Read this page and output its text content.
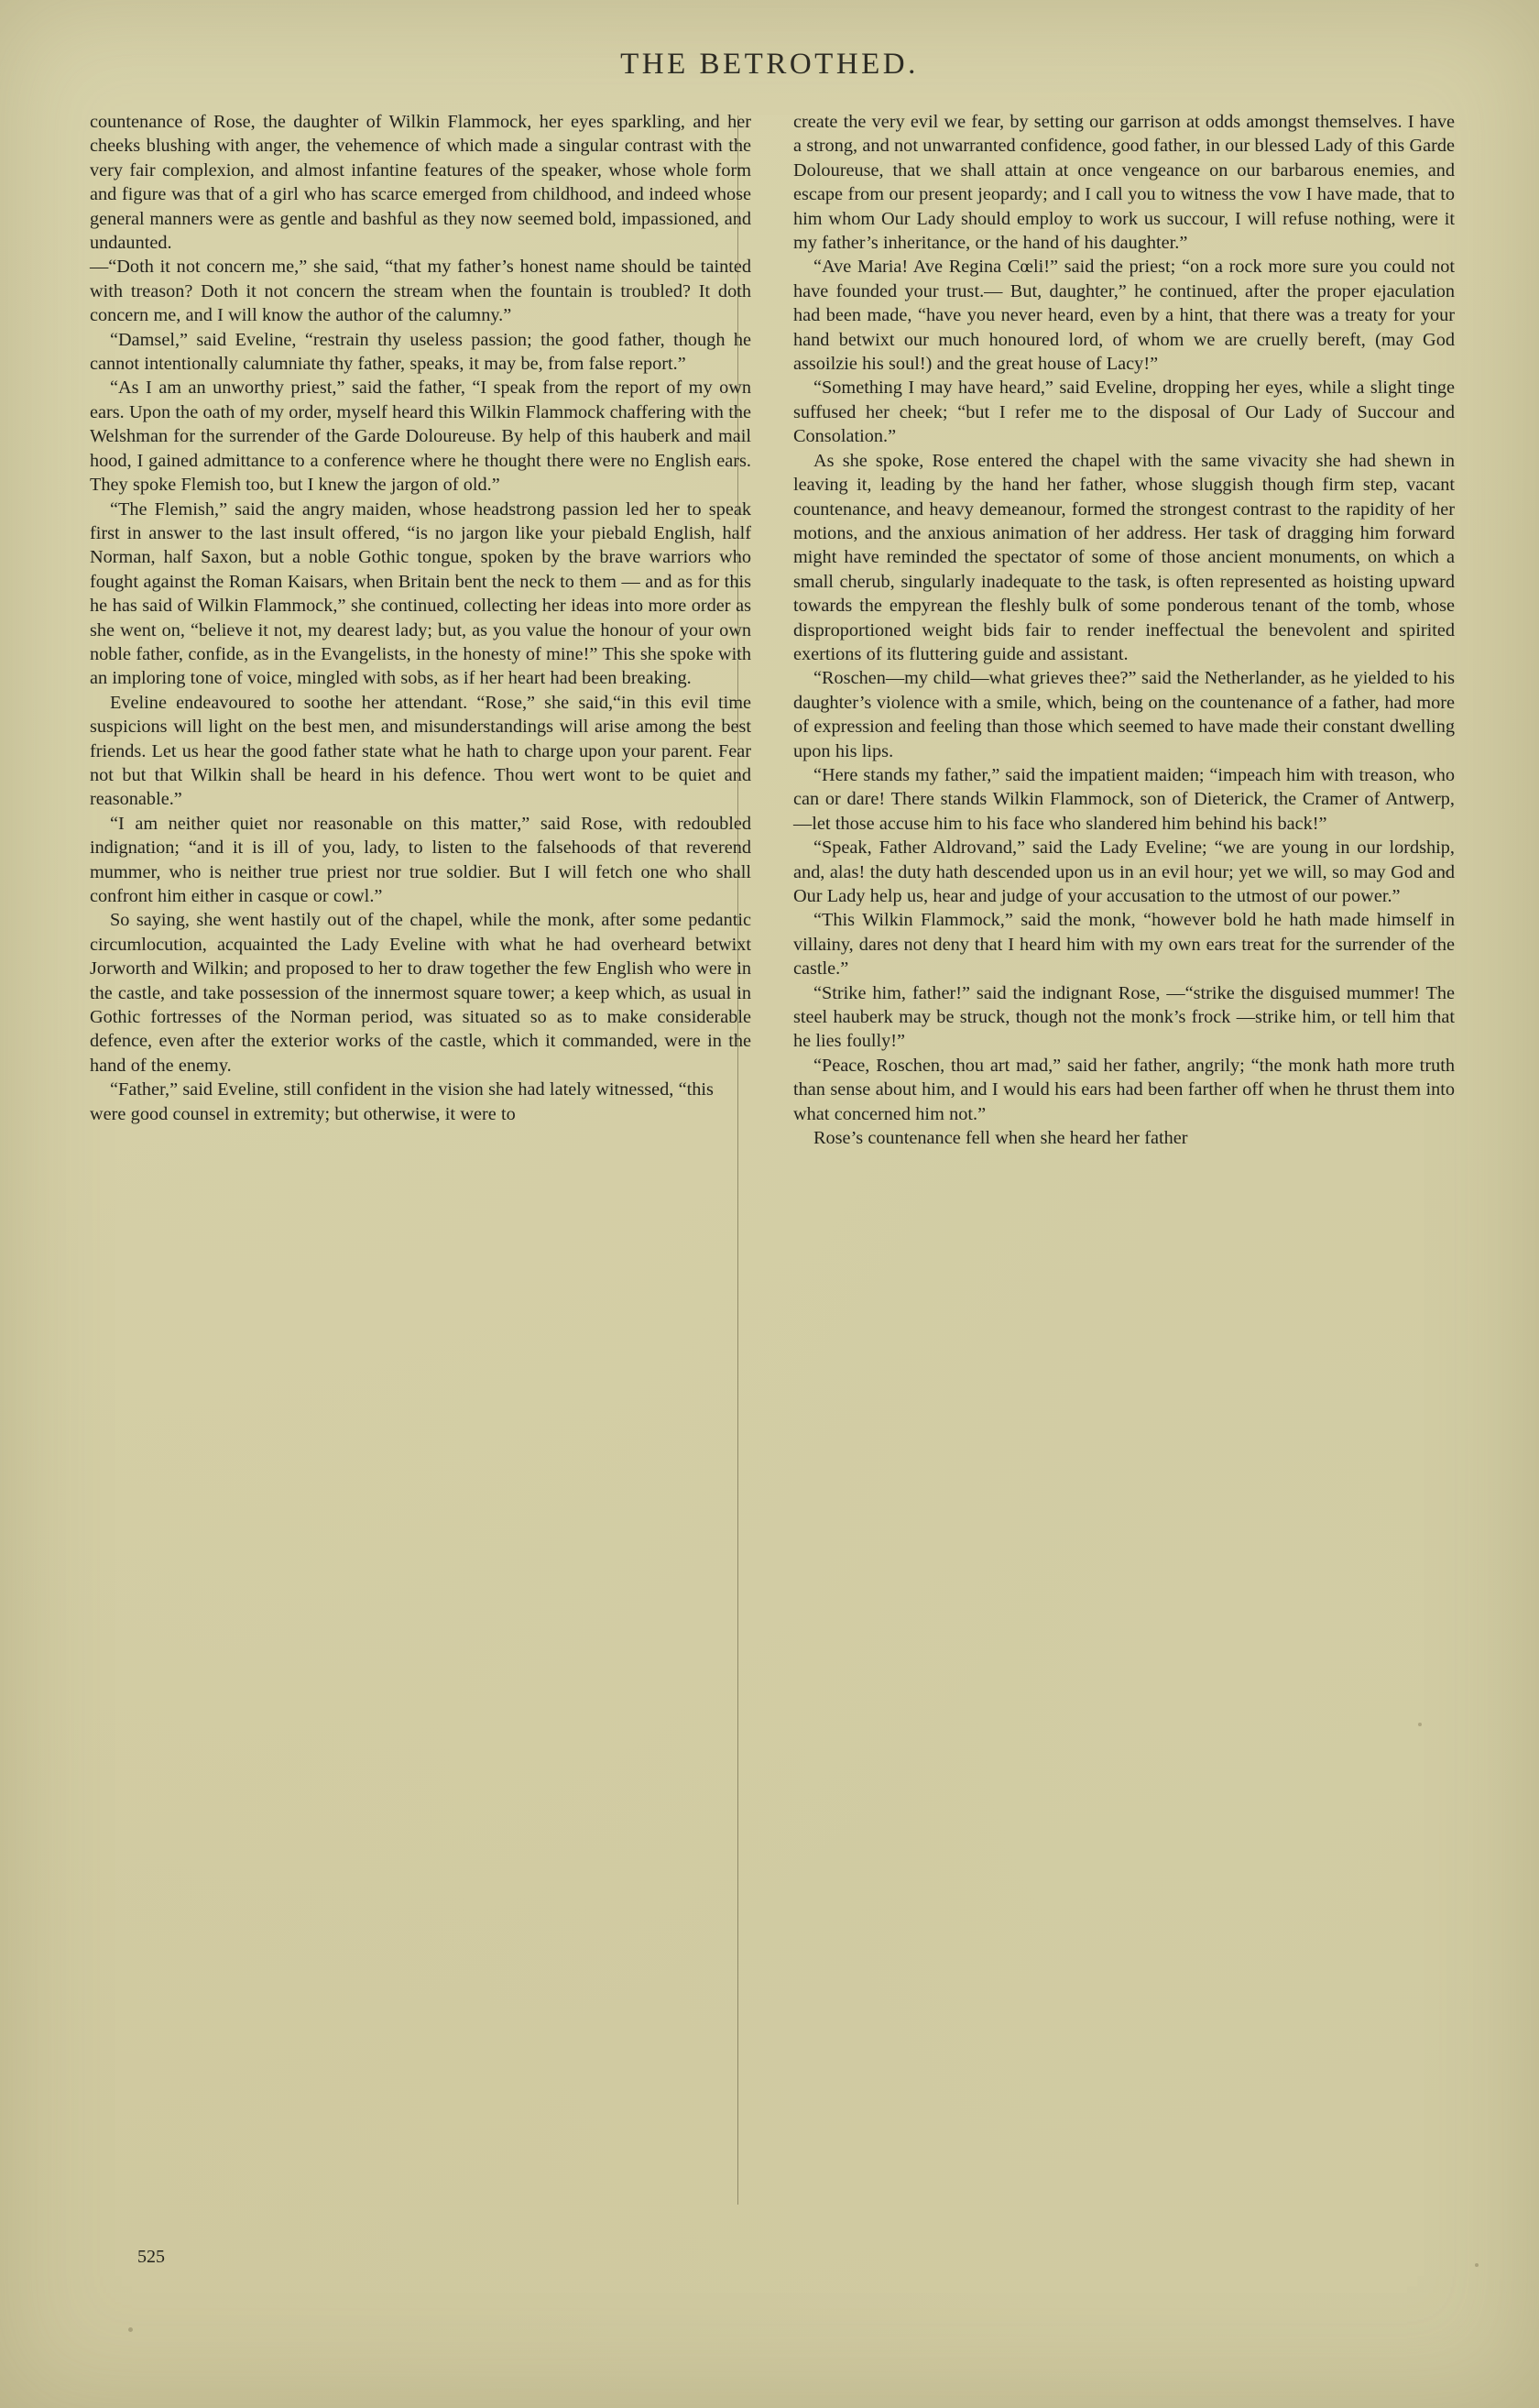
THE BETROTHED.

countenance of Rose, the daughter of Wilkin Flammock, her eyes sparkling, and her cheeks blushing with anger, the vehemence of which made a singular contrast with the very fair complexion, and almost infantine features of the speaker, whose whole form and figure was that of a girl who has scarce emerged from childhood, and indeed whose general manners were as gentle and bashful as they now seemed bold, impassioned, and undaunted.

—“Doth it not concern me,” she said, “that my father’s honest name should be tainted with treason? Doth it not concern the stream when the fountain is troubled? It doth concern me, and I will know the author of the calumny.”

“Damsel,” said Eveline, “restrain thy useless passion; the good father, though he cannot intentionally calumniate thy father, speaks, it may be, from false report.”

“As I am an unworthy priest,” said the father, “I speak from the report of my own ears. Upon the oath of my order, myself heard this Wilkin Flammock chaffering with the Welshman for the surrender of the Garde Doloureuse. By help of this hauberk and mail hood, I gained admittance to a conference where he thought there were no English ears. They spoke Flemish too, but I knew the jargon of old.”

“The Flemish,” said the angry maiden, whose headstrong passion led her to speak first in answer to the last insult offered, “is no jargon like your piebald English, half Norman, half Saxon, but a noble Gothic tongue, spoken by the brave warriors who fought against the Roman Kaisars, when Britain bent the neck to them — and as for this he has said of Wilkin Flammock,” she continued, collecting her ideas into more order as she went on, “believe it not, my dearest lady; but, as you value the honour of your own noble father, confide, as in the Evangelists, in the honesty of mine!” This she spoke with an imploring tone of voice, mingled with sobs, as if her heart had been breaking.

Eveline endeavoured to soothe her attendant. “Rose,” she said,“in this evil time suspicions will light on the best men, and misunderstandings will arise among the best friends. Let us hear the good father state what he hath to charge upon your parent. Fear not but that Wilkin shall be heard in his defence. Thou wert wont to be quiet and reasonable.”

“I am neither quiet nor reasonable on this matter,” said Rose, with redoubled indignation; “and it is ill of you, lady, to listen to the falsehoods of that reverend mummer, who is neither true priest nor true soldier. But I will fetch one who shall confront him either in casque or cowl.”

So saying, she went hastily out of the chapel, while the monk, after some pedantic circumlocution, acquainted the Lady Eveline with what he had overheard betwixt Jorworth and Wilkin; and proposed to her to draw together the few English who were in the castle, and take possession of the innermost square tower; a keep which, as usual in Gothic fortresses of the Norman period, was situated so as to make considerable defence, even after the exterior works of the castle, which it commanded, were in the hand of the enemy.

“Father,” said Eveline, still confident in the vision she had lately witnessed, “this were good counsel in extremity; but otherwise, it were to

create the very evil we fear, by setting our garrison at odds amongst themselves. I have a strong, and not unwarranted confidence, good father, in our blessed Lady of this Garde Doloureuse, that we shall attain at once vengeance on our barbarous enemies, and escape from our present jeopardy; and I call you to witness the vow I have made, that to him whom Our Lady should employ to work us succour, I will refuse nothing, were it my father’s inheritance, or the hand of his daughter.”

“Ave Maria! Ave Regina Cœli!” said the priest; “on a rock more sure you could not have founded your trust.— But, daughter,” he continued, after the proper ejaculation had been made, “have you never heard, even by a hint, that there was a treaty for your hand betwixt our much honoured lord, of whom we are cruelly bereft, (may God assoilzie his soul!) and the great house of Lacy!”

“Something I may have heard,” said Eveline, dropping her eyes, while a slight tinge suffused her cheek; “but I refer me to the disposal of Our Lady of Succour and Consolation.”

As she spoke, Rose entered the chapel with the same vivacity she had shewn in leaving it, leading by the hand her father, whose sluggish though firm step, vacant countenance, and heavy demeanour, formed the strongest contrast to the rapidity of her motions, and the anxious animation of her address. Her task of dragging him forward might have reminded the spectator of some of those ancient monuments, on which a small cherub, singularly inadequate to the task, is often represented as hoisting upward towards the empyrean the fleshly bulk of some ponderous tenant of the tomb, whose disproportioned weight bids fair to render ineffectual the benevolent and spirited exertions of its fluttering guide and assistant.

“Roschen—my child—what grieves thee?” said the Netherlander, as he yielded to his daughter’s violence with a smile, which, being on the countenance of a father, had more of expression and feeling than those which seemed to have made their constant dwelling upon his lips.

“Here stands my father,” said the impatient maiden; “impeach him with treason, who can or dare! There stands Wilkin Flammock, son of Dieterick, the Cramer of Antwerp,—let those accuse him to his face who slandered him behind his back!”

“Speak, Father Aldrovand,” said the Lady Eveline; “we are young in our lordship, and, alas! the duty hath descended upon us in an evil hour; yet we will, so may God and Our Lady help us, hear and judge of your accusation to the utmost of our power.”

“This Wilkin Flammock,” said the monk, “however bold he hath made himself in villainy, dares not deny that I heard him with my own ears treat for the surrender of the castle.”

“Strike him, father!” said the indignant Rose, —“strike the disguised mummer! The steel hauberk may be struck, though not the monk’s frock —strike him, or tell him that he lies foully!”

“Peace, Roschen, thou art mad,” said her father, angrily; “the monk hath more truth than sense about him, and I would his ears had been farther off when he thrust them into what concerned him not.”

Rose’s countenance fell when she heard her father

525
